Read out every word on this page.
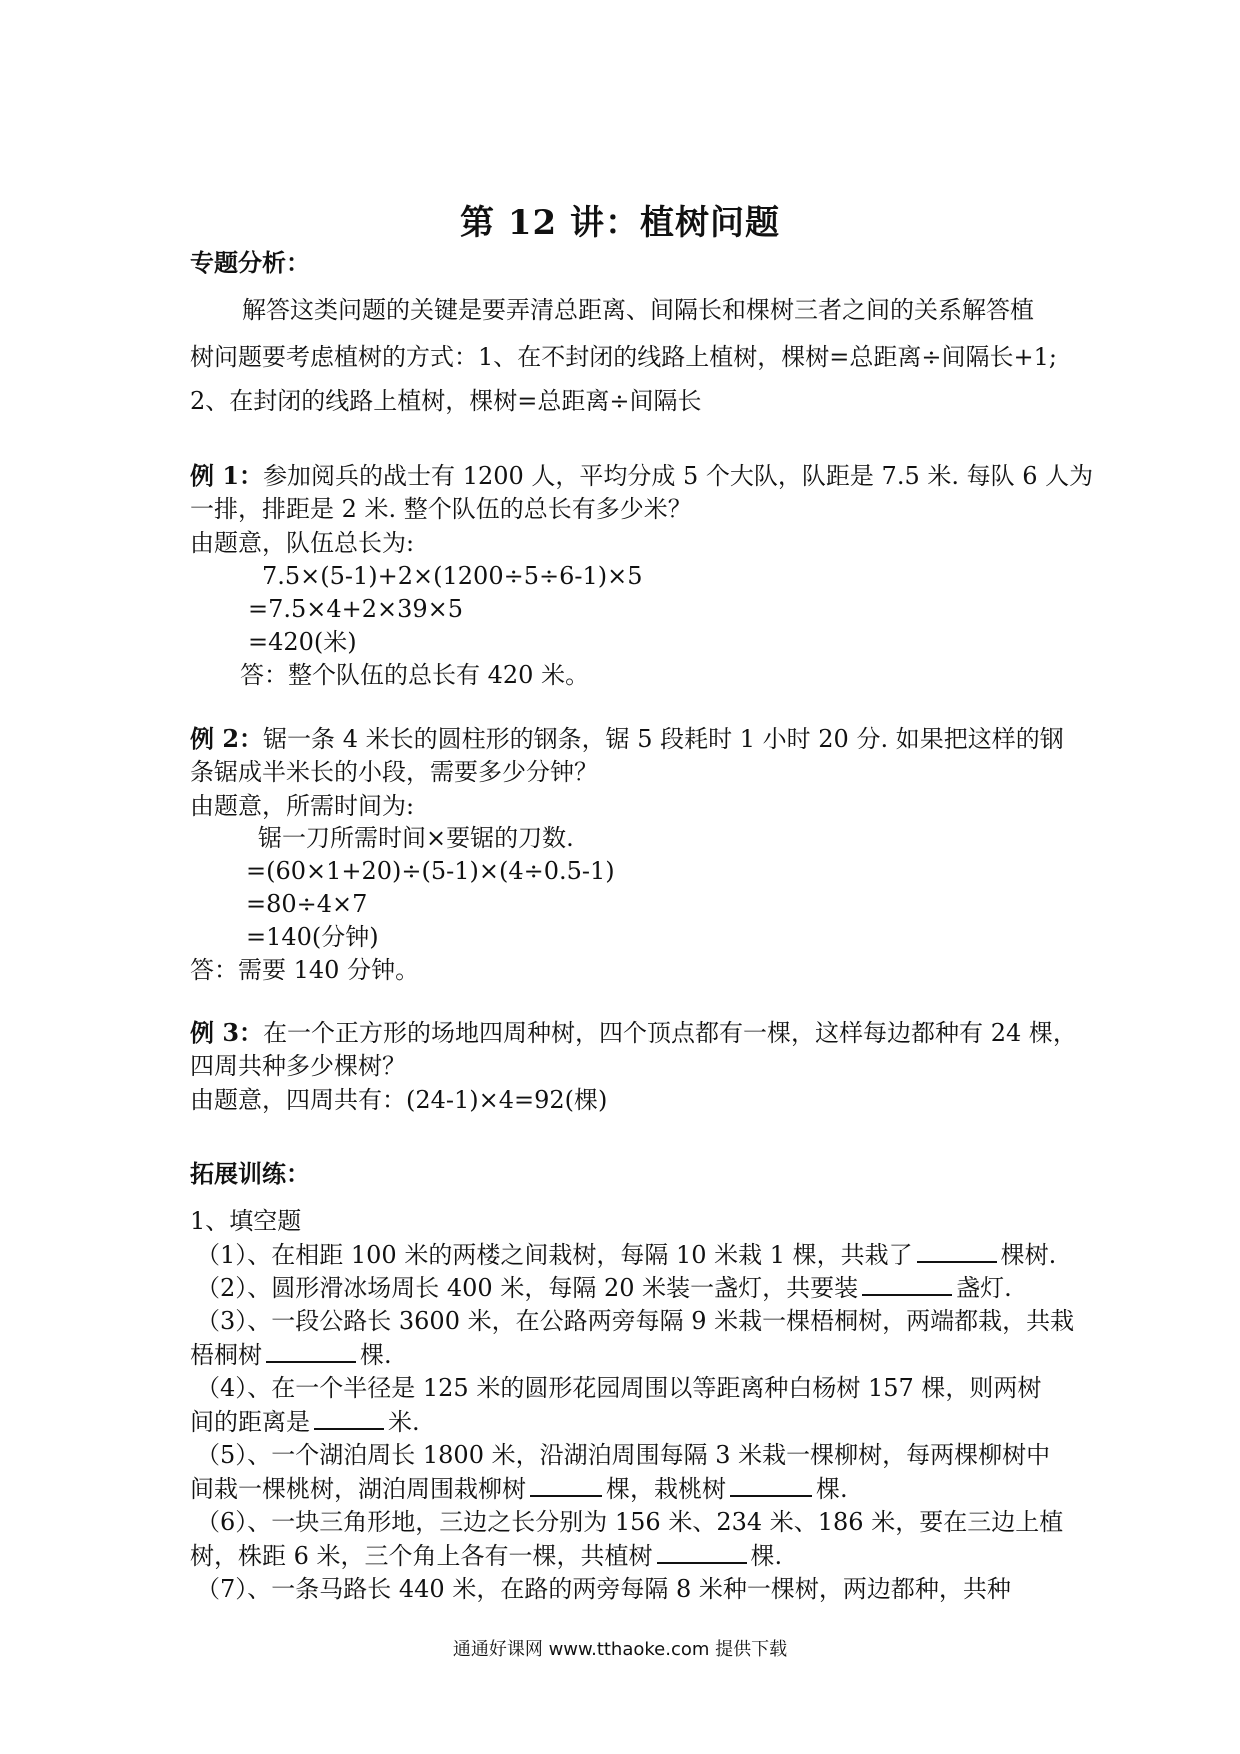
第 12 讲：植树问题
专题分析：
解答这类问题的关键是要弄清总距离、间隔长和棵树三者之间的关系解答植
树问题要考虑植树的方式：1、在不封闭的线路上植树，棵树=总距离÷间隔长+1;
2、在封闭的线路上植树，棵树=总距离÷间隔长
例 1：参加阅兵的战士有 1200 人，平均分成 5 个大队，队距是 7.5 米. 每队 6 人为
一排，排距是 2 米. 整个队伍的总长有多少米？
由题意，队伍总长为:
7.5×(5-1)+2×(1200÷5÷6-1)×5
=7.5×4+2×39×5
=420(米)
答：整个队伍的总长有 420 米。
例 2：锯一条 4 米长的圆柱形的钢条，锯 5 段耗时 1 小时 20 分. 如果把这样的钢
条锯成半米长的小段，需要多少分钟？
由题意，所需时间为:
锯一刀所需时间×要锯的刀数.
=(60×1+20)÷(5-1)×(4÷0.5-1)
=80÷4×7
=140(分钟)
答：需要 140 分钟。
例 3：在一个正方形的场地四周种树，四个顶点都有一棵，这样每边都种有 24 棵，
四周共种多少棵树？
由题意，四周共有：(24-1)×4=92(棵)
拓展训练：
1、填空题
（1）、在相距 100 米的两楼之间栽树，每隔 10 米栽 1 棵，共栽了	棵树.
（2）、圆形滑冰场周长 400 米，每隔 20 米装一盏灯，共要装	盏灯.
（3）、一段公路长 3600 米，在公路两旁每隔 9 米栽一棵梧桐树，两端都栽，共栽
梧桐树	棵.
（4）、在一个半径是 125 米的圆形花园周围以等距离种白杨树 157 棵，则两树
间的距离是	米.
（5）、一个湖泊周长 1800 米，沿湖泊周围每隔 3 米栽一棵柳树，每两棵柳树中
间栽一棵桃树，湖泊周围栽柳树	棵，栽桃树	棵.
（6）、一块三角形地，三边之长分别为 156 米、234 米、186 米，要在三边上植
树，株距 6 米，三个角上各有一棵，共植树	棵.
（7）、一条马路长 440 米，在路的两旁每隔 8 米种一棵树，两边都种，共种
通通好课网 www.tthaoke.com 提供下载
